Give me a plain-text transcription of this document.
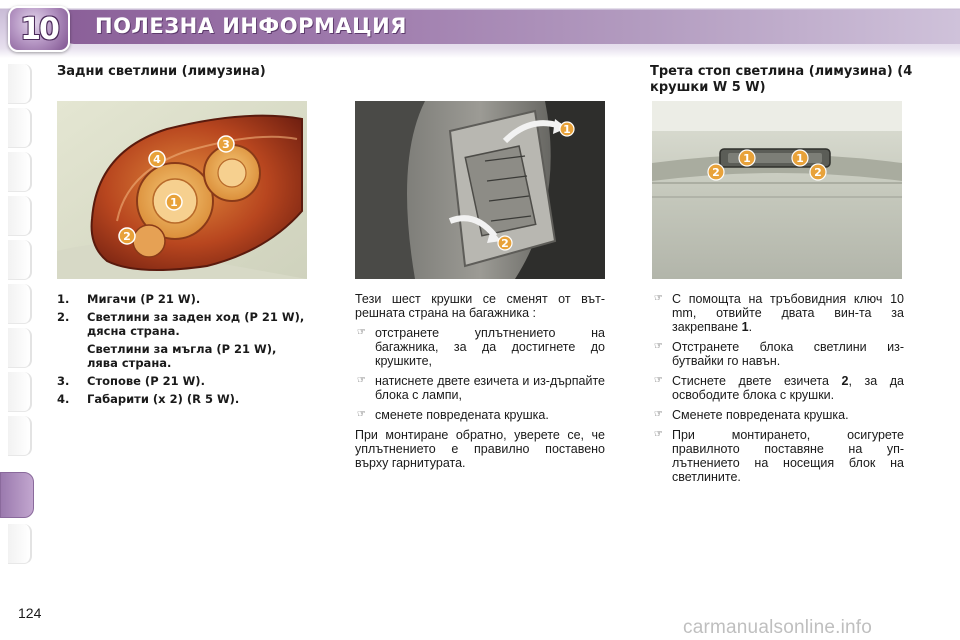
10 ПОЛЕЗНА ИНФОРМАЦИЯ
Задни светлини (лимузина)	Трета стоп светлина (лимузина) (4 крушки W 5 W)
1
2
3
4
1
2
1	1
2	2
1. Мигачи (P 21 W).
2. Светлини за заден ход (P 21 W), дясна страна.
Светлини за мъгла (P 21 W), лява страна.
3. Стопове (P 21 W).
4. Габарити (x 2) (R 5 W).
Тези шест крушки се сменят от вът-решната страна на багажника :
☞ отстранете уплътнението на багажника, за да достигнете до крушките,
☞ натиснете двете езичета и из-дърпайте блока с лампи,
☞ сменете повредената крушка.
При монтиране обратно, уверете се, че уплътнението е правилно поставено върху гарнитурата.
☞ С помощта на тръбовидния ключ 10 mm, отвийте двата вин-та за закрепване 1.
☞ Отстранете блока светлини из-бутвайки го навън.
☞ Стиснете двете езичета 2, за да освободите блока с крушки.
☞ Сменете повредената крушка.
☞ При монтирането, осигурете правилното поставяне на уп-лътнението на носещия блок на светлините.
124
carmanualsonline.info
